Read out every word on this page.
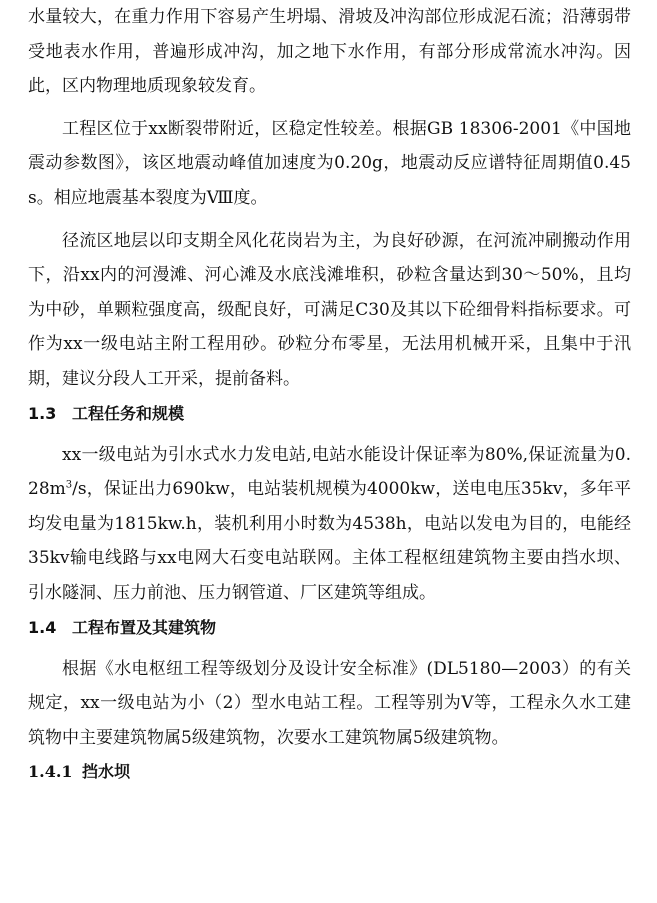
水量较大，在重力作用下容易产生坍塌、滑坡及冲沟部位形成泥石流；沿薄弱带受地表水作用，普遍形成冲沟，加之地下水作用，有部分形成常流水冲沟。因此，区内物理地质现象较发育。

工程区位于xx断裂带附近，区稳定性较差。根据GB 18306-2001《中国地震动参数图》，该区地震动峰值加速度为0.20g，地震动反应谱特征周期值0.45s。相应地震基本裂度为Ⅷ度。

径流区地层以印支期全风化花岗岩为主，为良好砂源，在河流冲刷搬动作用下，沿xx内的河漫滩、河心滩及水底浅滩堆积，砂粒含量达到30～50%，且均为中砂，单颗粒强度高，级配良好，可满足C30及其以下砼细骨料指标要求。可作为xx一级电站主附工程用砂。砂粒分布零星，无法用机械开采，且集中于汛期，建议分段人工开采，提前备料。

1.3 工程任务和规模

xx一级电站为引水式水力发电站,电站水能设计保证率为80%,保证流量为$0.28m^3/s$，保证出力690kw，电站装机规模为4000kw，送电电压35kv，多年平均发电量为1815kw.h，装机利用小时数为4538h，电站以发电为目的，电能经35kv输电线路与xx电网大石变电站联网。主体工程枢纽建筑物主要由挡水坝、引水隧洞、压力前池、压力钢管道、厂区建筑等组成。

1.4 工程布置及其建筑物

根据《水电枢纽工程等级划分及设计安全标准》(DL5180—2003）的有关规定，xx一级电站为小（2）型水电站工程。工程等别为V等，工程永久水工建筑物中主要建筑物属5级建筑物，次要水工建筑物属5级建筑物。

1.4.1 挡水坝
